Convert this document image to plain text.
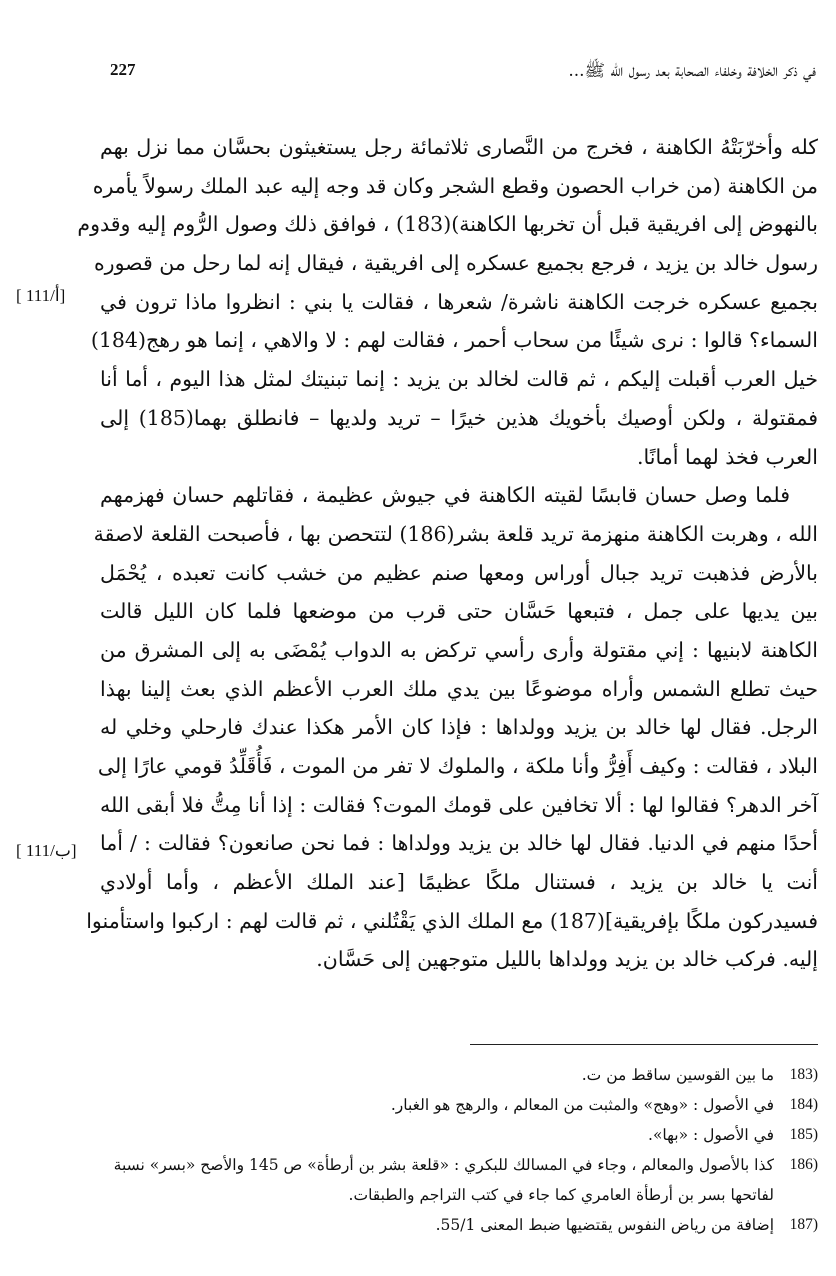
227	في ذكر الخلافة وخلفاء الصحابة بعد رسول الله ﷺ...
[ 111/أ]
[ 111/ب]
كله وأخرّبَتْهُ الكاهنة ، فخرج من النَّصارى ثلاثمائة رجل يستغيثون بحسَّان مما نزل بهم
من الكاهنة (من خراب الحصون وقطع الشجر وكان قد وجه إليه عبد الملك رسولاً يأمره
بالنهوض إلى افريقية قبل أن تخربها الكاهنة)(183) ، فوافق ذلك وصول الرُّوم إليه وقدوم
رسول خالد بن يزيد ، فرجع بجميع عسكره إلى افريقية ، فيقال إنه لما رحل من قصوره
بجميع عسكره خرجت الكاهنة ناشرة/ شعرها ، فقالت يا بني : انظروا ماذا ترون في
السماء؟ قالوا : نرى شيئًا من سحاب أحمر ، فقالت لهم : لا والاهي ، إنما هو رهج(184)
خيل العرب أقبلت إليكم ، ثم قالت لخالد بن يزيد : إنما تبنيتك لمثل هذا اليوم ، أما أنا
فمقتولة ، ولكن أوصيك بأخويك هذين خيرًا – تريد ولديها – فانطلق بهما(185) إلى
العرب فخذ لهما أمانًا.
فلما وصل حسان قابسًا لقيته الكاهنة في جيوش عظيمة ، فقاتلهم حسان فهزمهم
الله ، وهربت الكاهنة منهزمة تريد قلعة بشر(186) لتتحصن بها ، فأصبحت القلعة لاصقة
بالأرض فذهبت تريد جبال أوراس ومعها صنم عظيم من خشب كانت تعبده ، يُحْمَل
بين يديها على جمل ، فتبعها حَسَّان حتى قرب من موضعها فلما كان الليل قالت
الكاهنة لابنيها : إني مقتولة وأرى رأسي تركض به الدواب يُمْضَى به إلى المشرق من
حيث تطلع الشمس وأراه موضوعًا بين يدي ملك العرب الأعظم الذي بعث إلينا بهذا
الرجل. فقال لها خالد بن يزيد وولداها : فإذا كان الأمر هكذا عندك فارحلي وخلي له
البلاد ، فقالت : وكيف أَفِرُّ وأنا ملكة ، والملوك لا تفر من الموت ، فَأُقَلِّدُ قومي عارًا إلى
آخر الدهر؟ فقالوا لها : ألا تخافين على قومك الموت؟ فقالت : إذا أنا مِتُّ فلا أبقى الله
أحدًا منهم في الدنيا. فقال لها خالد بن يزيد وولداها : فما نحن صانعون؟ فقالت : / أما
أنت يا خالد بن يزيد ، فستنال ملكًا عظيمًا [عند الملك الأعظم ، وأما أولادي
فسيدركون ملكًا بإفريقية](187) مع الملك الذي يَقْتُلني ، ثم قالت لهم : اركبوا واستأمنوا
إليه. فركب خالد بن يزيد وولداها بالليل متوجهين إلى حَسَّان.
(183
ما بين القوسين ساقط من ت.
(184
في الأصول : «وهج» والمثبت من المعالم ، والرهج هو الغبار.
(185
في الأصول : «بها».
(186
كذا بالأصول والمعالم ، وجاء في المسالك للبكري : «قلعة بشر بن أرطأة» ص 145 والأصح «بسر» نسبة
لفاتحها بسر بن أرطأة العامري كما جاء في كتب التراجم والطبقات.
(187
إضافة من رياض النفوس يقتضيها ضبط المعنى 55/1.
